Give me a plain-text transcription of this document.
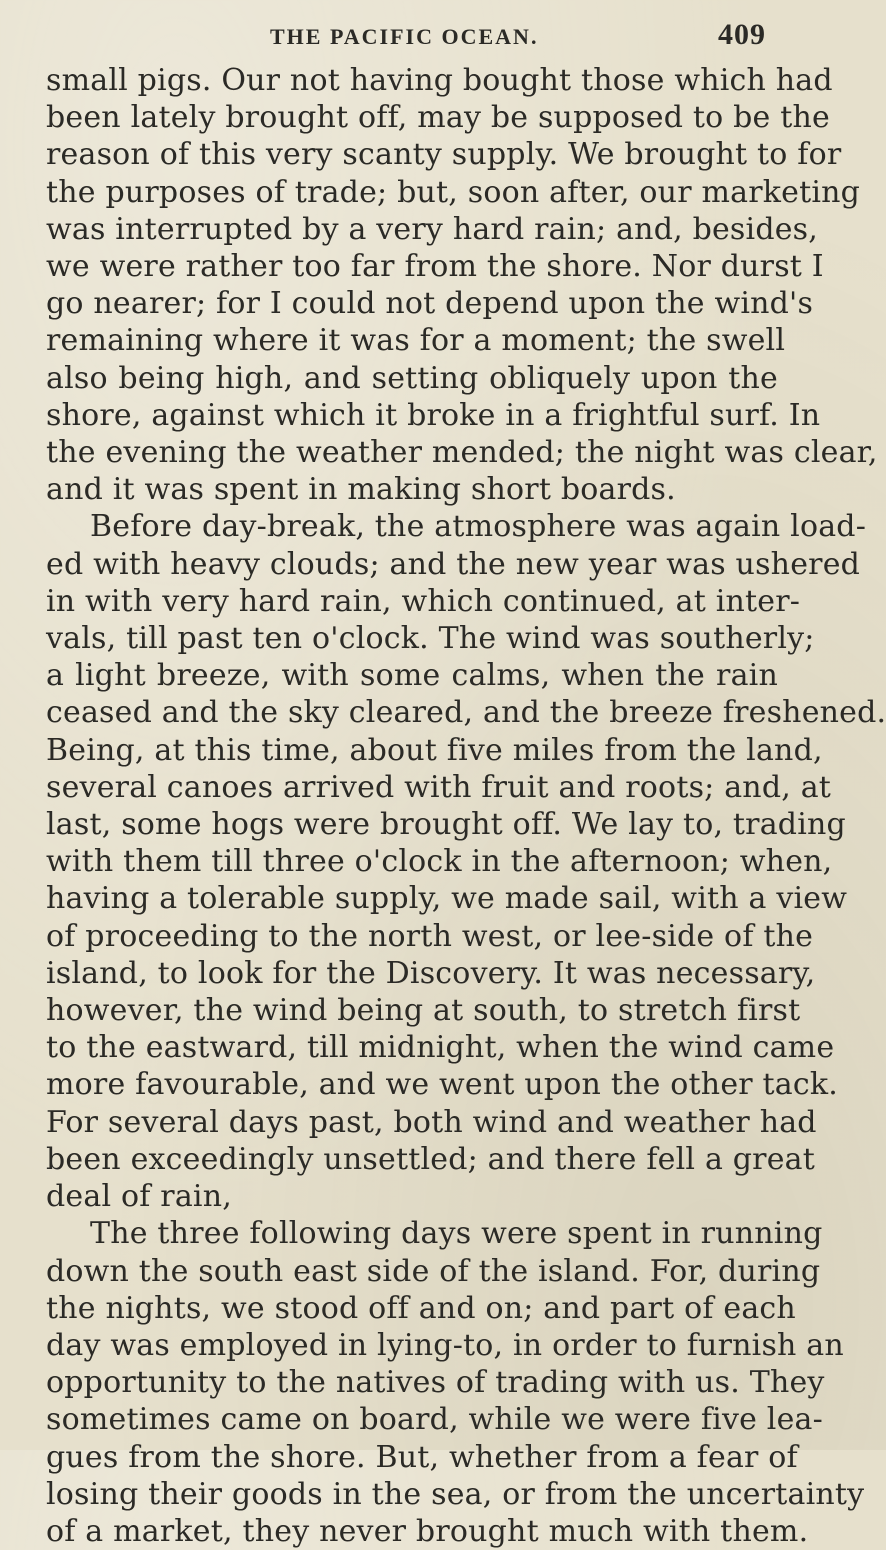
THE PACIFIC OCEAN.	409
small pigs. Our not having bought those which had
been lately brought off, may be supposed to be the
reason of this very scanty supply. We brought to for
the purposes of trade; but, soon after, our marketing
was interrupted by a very hard rain; and, besides,
we were rather too far from the shore. Nor durst I
go nearer; for I could not depend upon the wind's
remaining where it was for a moment; the swell
also being high, and setting obliquely upon the
shore, against which it broke in a frightful surf. In
the evening the weather mended; the night was clear,
and it was spent in making short boards.
Before day-break, the atmosphere was again load-
ed with heavy clouds; and the new year was ushered
in with very hard rain, which continued, at inter-
vals, till past ten o'clock. The wind was southerly;
a light breeze, with some calms, when the rain
ceased and the sky cleared, and the breeze freshened.
Being, at this time, about five miles from the land,
several canoes arrived with fruit and roots; and, at
last, some hogs were brought off. We lay to, trading
with them till three o'clock in the afternoon; when,
having a tolerable supply, we made sail, with a view
of proceeding to the north west, or lee-side of the
island, to look for the Discovery. It was necessary,
however, the wind being at south, to stretch first
to the eastward, till midnight, when the wind came
more favourable, and we went upon the other tack.
For several days past, both wind and weather had
been exceedingly unsettled; and there fell a great
deal of rain,
The three following days were spent in running
down the south east side of the island. For, during
the nights, we stood off and on; and part of each
day was employed in lying-to, in order to furnish an
opportunity to the natives of trading with us. They
sometimes came on board, while we were five lea-
gues from the shore. But, whether from a fear of
losing their goods in the sea, or from the uncertainty
of a market, they never brought much with them.
